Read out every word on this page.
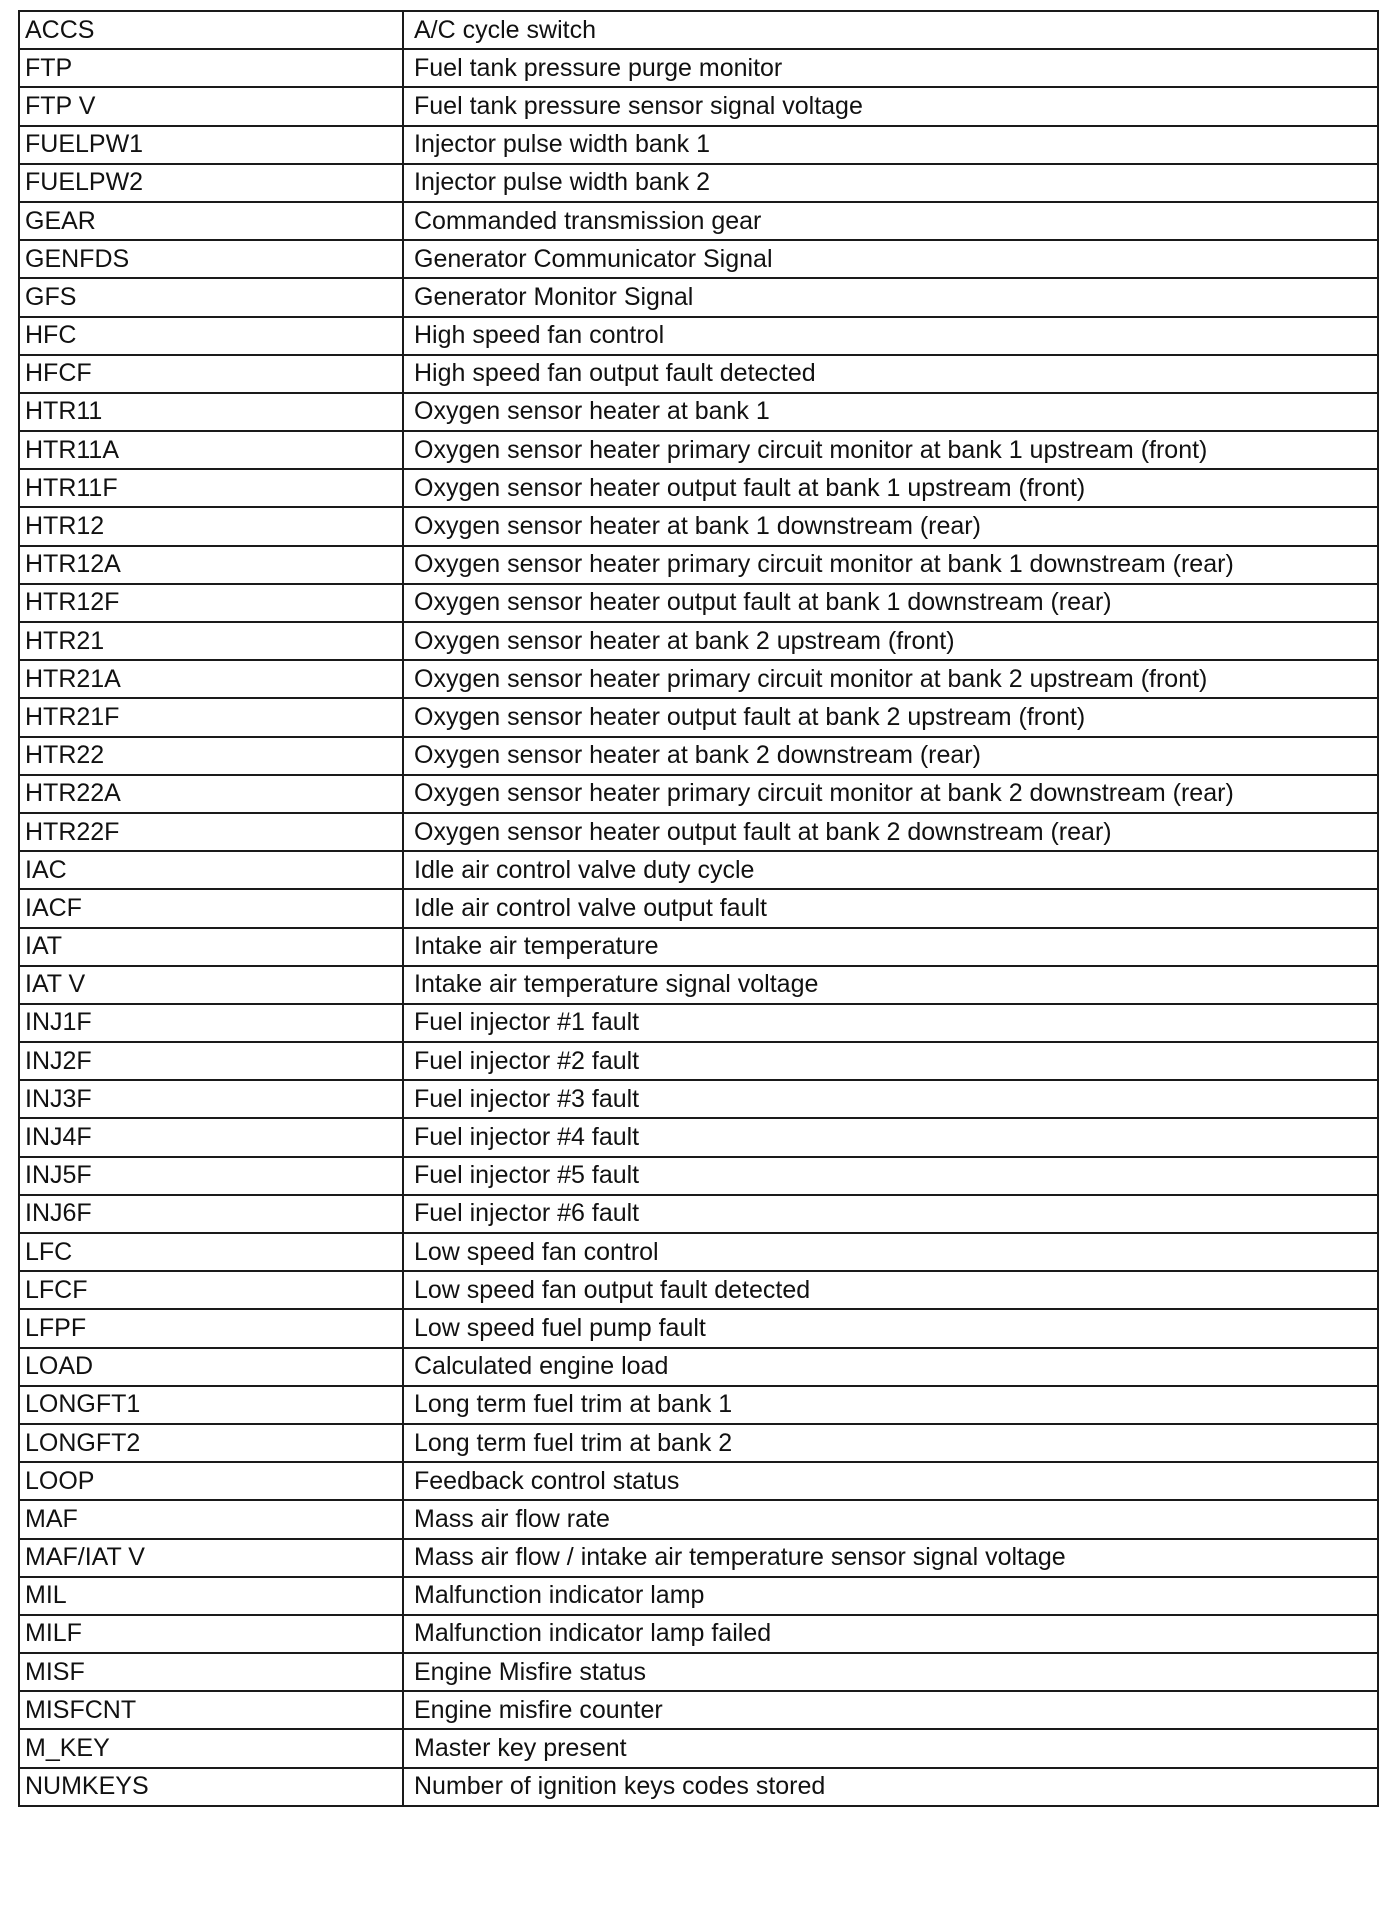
ACCS	A/C cycle switch
FTP	Fuel tank pressure purge monitor
FTP V	Fuel tank pressure sensor signal voltage
FUELPW1	Injector pulse width bank 1
FUELPW2	Injector pulse width bank 2
GEAR	Commanded transmission gear
GENFDS	Generator Communicator Signal
GFS	Generator Monitor Signal
HFC	High speed fan control
HFCF	High speed fan output fault detected
HTR11	Oxygen sensor heater at bank 1
HTR11A	Oxygen sensor heater primary circuit monitor at bank 1 upstream (front)
HTR11F	Oxygen sensor heater output fault at bank 1 upstream (front)
HTR12	Oxygen sensor heater at bank 1 downstream (rear)
HTR12A	Oxygen sensor heater primary circuit monitor at bank 1 downstream (rear)
HTR12F	Oxygen sensor heater output fault at bank 1 downstream (rear)
HTR21	Oxygen sensor heater at bank 2 upstream (front)
HTR21A	Oxygen sensor heater primary circuit monitor at bank 2 upstream (front)
HTR21F	Oxygen sensor heater output fault at bank 2 upstream (front)
HTR22	Oxygen sensor heater at bank 2 downstream (rear)
HTR22A	Oxygen sensor heater primary circuit monitor at bank 2 downstream (rear)
HTR22F	Oxygen sensor heater output fault at bank 2 downstream (rear)
IAC	Idle air control valve duty cycle
IACF	Idle air control valve output fault
IAT	Intake air temperature
IAT V	Intake air temperature signal voltage
INJ1F	Fuel injector #1 fault
INJ2F	Fuel injector #2 fault
INJ3F	Fuel injector #3 fault
INJ4F	Fuel injector #4 fault
INJ5F	Fuel injector #5 fault
INJ6F	Fuel injector #6 fault
LFC	Low speed fan control
LFCF	Low speed fan output fault detected
LFPF	Low speed fuel pump fault
LOAD	Calculated engine load
LONGFT1	Long term fuel trim at bank 1
LONGFT2	Long term fuel trim at bank 2
LOOP	Feedback control status
MAF	Mass air flow rate
MAF/IAT V	Mass air flow / intake air temperature sensor signal voltage
MIL	Malfunction indicator lamp
MILF	Malfunction indicator lamp failed
MISF	Engine Misfire status
MISFCNT	Engine misfire counter
M_KEY	Master key present
NUMKEYS	Number of ignition keys codes stored
